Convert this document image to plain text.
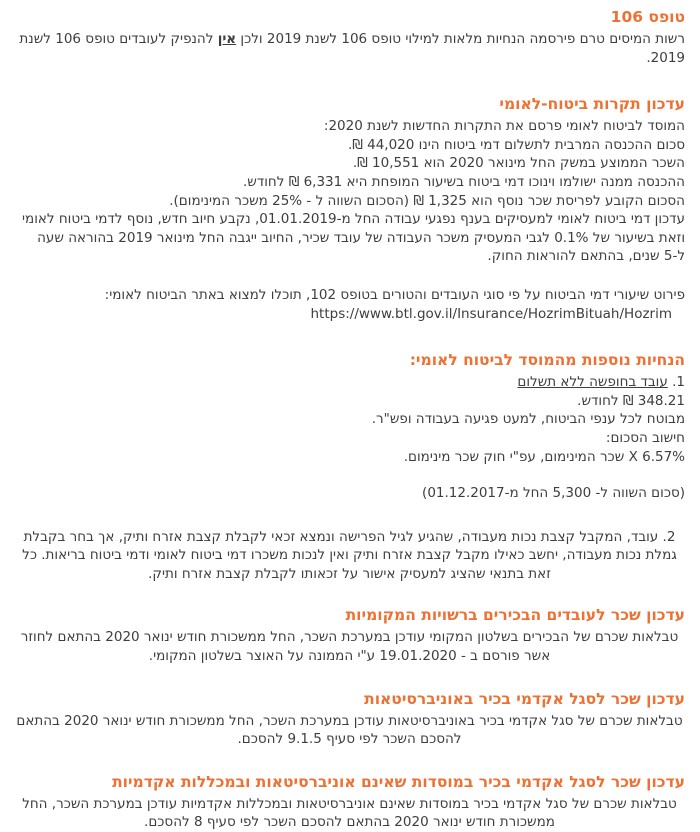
טופס 106

רשות המיסים טרם פירסמה הנחיות מלאות למילוי טופס 106 לשנת 2019 ולכן אין להנפיק לעובדים טופס 106 לשנת 2019.

עדכון תקרות ביטוח-לאומי
המוסד לביטוח לאומי פרסם את התקרות החדשות לשנת 2020:
סכום ההכנסה המרבית לתשלום דמי ביטוח הינו 44,020 ₪.
השכר הממוצע במשק החל מינואר 2020 הוא 10,551 ₪.
ההכנסה ממנה ישולמו וינוכו דמי ביטוח בשיעור המופחת היא 6,331 ₪ לחודש.
הסכום הקובע לפריסת שכר נוסף הוא 1,325 ₪ (הסכום השווה ל - 25% משכר המינימום).

עדכון דמי ביטוח לאומי למעסיקים בענף נפגעי עבודה החל מ-01.01.2019, נקבע חיוב חדש, נוסף לדמי ביטוח לאומי וזאת בשיעור של 0.1% לגבי המעסיק משכר העבודה של עובד שכיר, החיוב ייגבה החל מינואר 2019 בהוראה שעה ל-5 שנים, בהתאם להוראות החוק.

פירוט שיעורי דמי הביטוח על פי סוגי העובדים והטורים בטופס 102, תוכלו למצוא באתר הביטוח לאומי:
https://www.btl.gov.il/Insurance/HozrimBituah/Hozrim
הנחיות נוספות מהמוסד לביטוח לאומי:
1. עובד בחופשה ללא תשלום
348.21 ₪ לחודש.
מבוטח לכל ענפי הביטוח, למעט פגיעה בעבודה ופש"ר.
חישוב הסכום:
6.57% X שכר המינימום, עפ"י חוק שכר מינימום.
(סכום השווה ל- 5,300 החל מ-01.12.2017)

2. עובד, המקבל קצבת נכות מעבודה, שהגיע לגיל הפרישה ונמצא זכאי לקבלת קצבת אזרח ותיק, אך בחר בקבלת גמלת נכות מעבודה, יחשב כאילו מקבל קצבת אזרח ותיק ואין לנכות משכרו דמי ביטוח לאומי ודמי ביטוח בריאות. כל זאת בתנאי שהציג למעסיק אישור על זכאותו לקבלת קצבת אזרח ותיק.

עדכון שכר לעובדים הבכירים ברשויות המקומיות

טבלאות שכרם של הבכירים בשלטון המקומי עודכן במערכת השכר, החל ממשכורת חודש ינואר 2020 בהתאם לחוזר אשר פורסם ב - 19.01.2020 ע"י הממונה על האוצר בשלטון המקומי.

עדכון שכר לסגל אקדמי בכיר באוניברסיטאות

טבלאות שכרם של סגל אקדמי בכיר באוניברסיטאות עודכן במערכת השכר, החל ממשכורת חודש ינואר 2020 בהתאם להסכם השכר לפי סעיף 9.1.5 להסכם.

עדכון שכר לסגל אקדמי בכיר במוסדות שאינם אוניברסיטאות ובמכללות אקדמיות

טבלאות שכרם של סגל אקדמי בכיר במוסדות שאינם אוניברסיטאות ובמכללות אקדמיות עודכן במערכת השכר, החל ממשכורת חודש ינואר 2020 בהתאם להסכם השכר לפי סעיף 8 להסכם.
